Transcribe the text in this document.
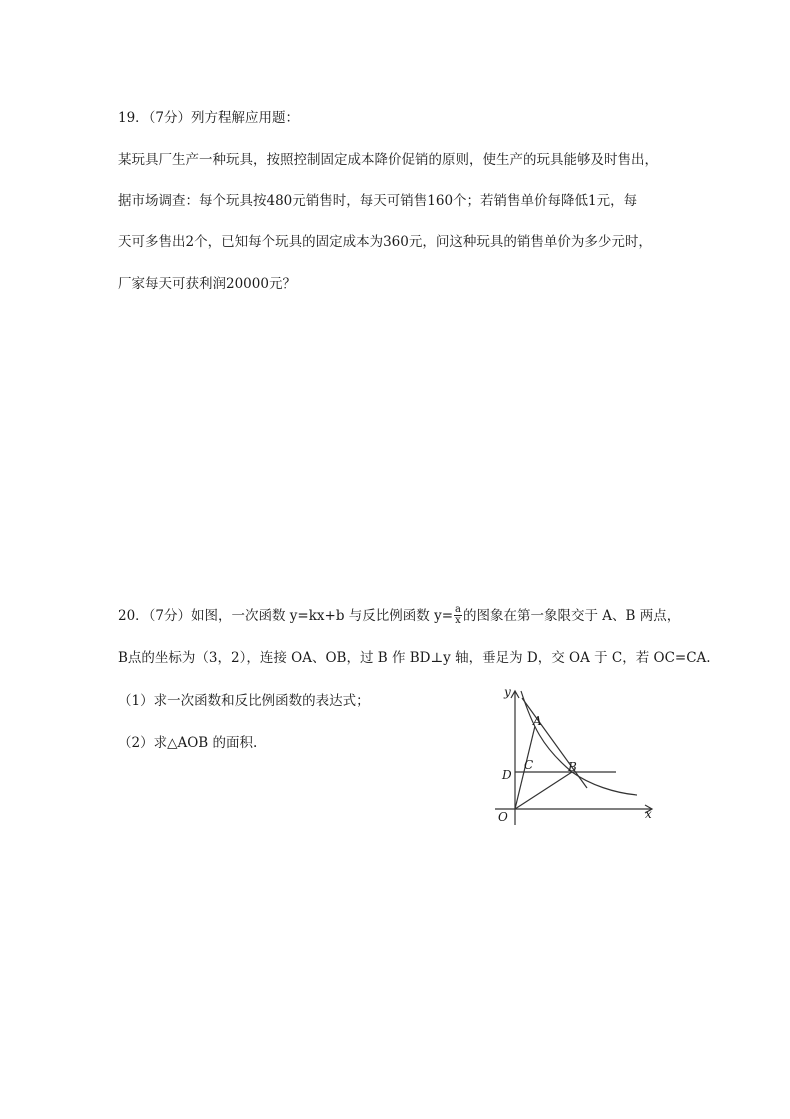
19．（7分）列方程解应用题：
某玩具厂生产一种玩具，按照控制固定成本降价促销的原则，使生产的玩具能够及时售出，
据市场调查：每个玩具按480元销售时，每天可销售160个；若销售单价每降低1元，每
天可多售出2个，已知每个玩具的固定成本为360元，问这种玩具的销售单价为多少元时，
厂家每天可获利润20000元？
20．（7分）如图，一次函数 y=kx+b 与反比例函数 $y= \frac{a}{x}$ 的图象在第一象限交于 A、B 两点，
B点的坐标为（3，2），连接 OA、OB，过 B 作 BD⊥y 轴，垂足为 D，交 OA 于 C，若 OC=CA.
（1）求一次函数和反比例函数的表达式；
（2）求△AOB 的面积.
y
x
O
A
B
C
D
